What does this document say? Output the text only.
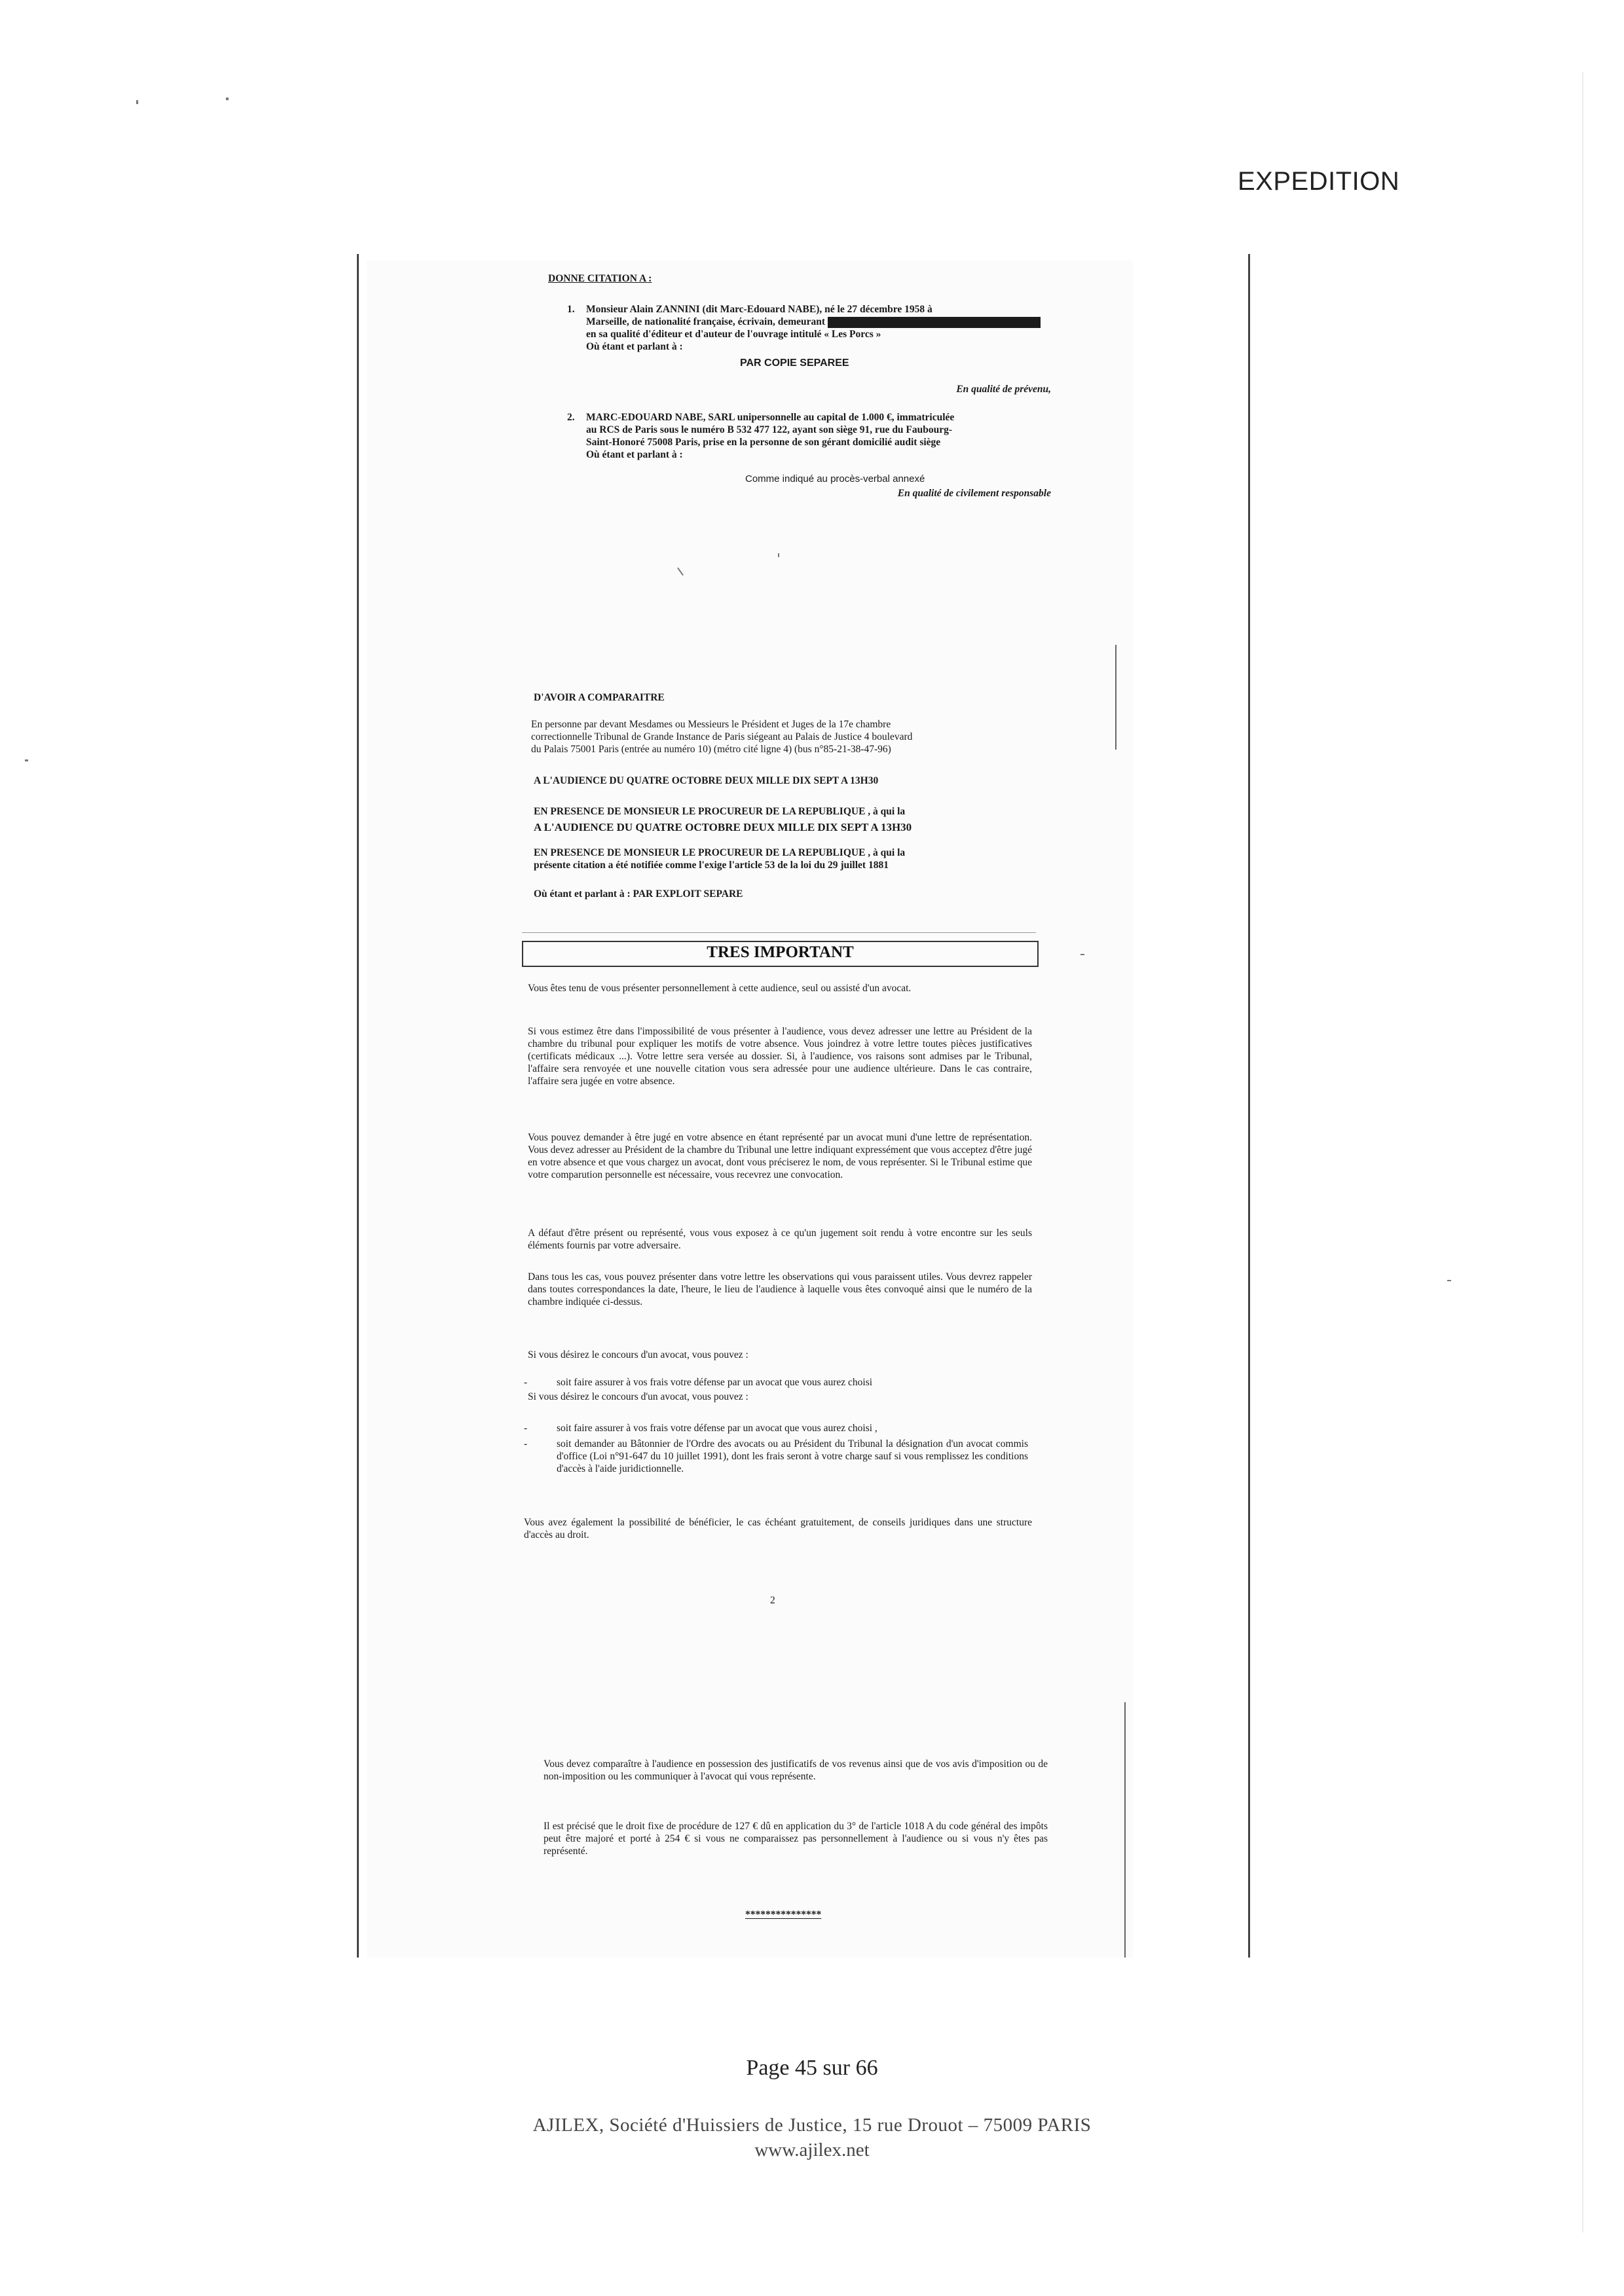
EXPEDITION
DONNE CITATION A :
1. Monsieur Alain ZANNINI (dit Marc-Edouard NABE), né le 27 décembre 1958 à
Marseille, de nationalité française, écrivain, demeurant
en sa qualité d'éditeur et d'auteur de l'ouvrage intitulé « Les Porcs »
Où étant et parlant à :
PAR COPIE SEPAREE
En qualité de prévenu,
2. MARC-EDOUARD NABE, SARL unipersonnelle au capital de 1.000 €, immatriculée
au RCS de Paris sous le numéro B 532 477 122, ayant son siège 91, rue du Faubourg-
Saint-Honoré 75008 Paris, prise en la personne de son gérant domicilié audit siège
Où étant et parlant à :
Comme indiqué au procès-verbal annexé
En qualité de civilement responsable
D'AVOIR A COMPARAITRE
En personne par devant Mesdames ou Messieurs le Président et Juges de la 17e chambre
correctionnelle Tribunal de Grande Instance de Paris siégeant au Palais de Justice 4 boulevard
du Palais 75001 Paris (entrée au numéro 10) (métro cité ligne 4) (bus n°85-21-38-47-96)
A L'AUDIENCE DU QUATRE OCTOBRE DEUX MILLE DIX SEPT A 13H30
EN PRESENCE DE MONSIEUR LE PROCUREUR DE LA REPUBLIQUE , à qui la
A L'AUDIENCE DU QUATRE OCTOBRE DEUX MILLE DIX SEPT A 13H30
EN PRESENCE DE MONSIEUR LE PROCUREUR DE LA REPUBLIQUE , à qui la
présente citation a été notifiée comme l'exige l'article 53 de la loi du 29 juillet 1881
Où étant et parlant à : PAR EXPLOIT SEPARE
TRES IMPORTANT
Vous êtes tenu de vous présenter personnellement à cette audience, seul ou assisté d'un avocat.
Si vous estimez être dans l'impossibilité de vous présenter à l'audience, vous devez adresser une lettre au Président de la chambre du tribunal pour expliquer les motifs de votre absence. Vous joindrez à votre lettre toutes pièces justificatives (certificats médicaux ...). Votre lettre sera versée au dossier. Si, à l'audience, vos raisons sont admises par le Tribunal, l'affaire sera renvoyée et une nouvelle citation vous sera adressée pour une audience ultérieure. Dans le cas contraire, l'affaire sera jugée en votre absence.
Vous pouvez demander à être jugé en votre absence en étant représenté par un avocat muni d'une lettre de représentation. Vous devez adresser au Président de la chambre du Tribunal une lettre indiquant expressément que vous acceptez d'être jugé en votre absence et que vous chargez un avocat, dont vous préciserez le nom, de vous représenter. Si le Tribunal estime que votre comparution personnelle est nécessaire, vous recevrez une convocation.
A défaut d'être présent ou représenté, vous vous exposez à ce qu'un jugement soit rendu à votre encontre sur les seuls éléments fournis par votre adversaire.
Dans tous les cas, vous pouvez présenter dans votre lettre les observations qui vous paraissent utiles. Vous devrez rappeler dans toutes correspondances la date, l'heure, le lieu de l'audience à laquelle vous êtes convoqué ainsi que le numéro de la chambre indiquée ci-dessus.
Si vous désirez le concours d'un avocat, vous pouvez :
-	soit faire assurer à vos frais votre défense par un avocat que vous aurez choisi
Si vous désirez le concours d'un avocat, vous pouvez :
-	soit faire assurer à vos frais votre défense par un avocat que vous aurez choisi ,
-	soit demander au Bâtonnier de l'Ordre des avocats ou au Président du Tribunal la désignation d'un avocat commis d'office (Loi n°91-647 du 10 juillet 1991), dont les frais seront à votre charge sauf si vous remplissez les conditions d'accès à l'aide juridictionnelle.
Vous avez également la possibilité de bénéficier, le cas échéant gratuitement, de conseils juridiques dans une structure d'accès au droit.
2
Vous devez comparaître à l'audience en possession des justificatifs de vos revenus ainsi que de vos avis d'imposition ou de non-imposition ou les communiquer à l'avocat qui vous représente.
Il est précisé que le droit fixe de procédure de 127 € dû en application du 3° de l'article 1018 A du code général des impôts peut être majoré et porté à 254 € si vous ne comparaissez pas personnellement à l'audience ou si vous n'y êtes pas représenté.
***************
Page 45 sur 66
AJILEX, Société d'Huissiers de Justice, 15 rue Drouot – 75009 PARIS
www.ajilex.net
